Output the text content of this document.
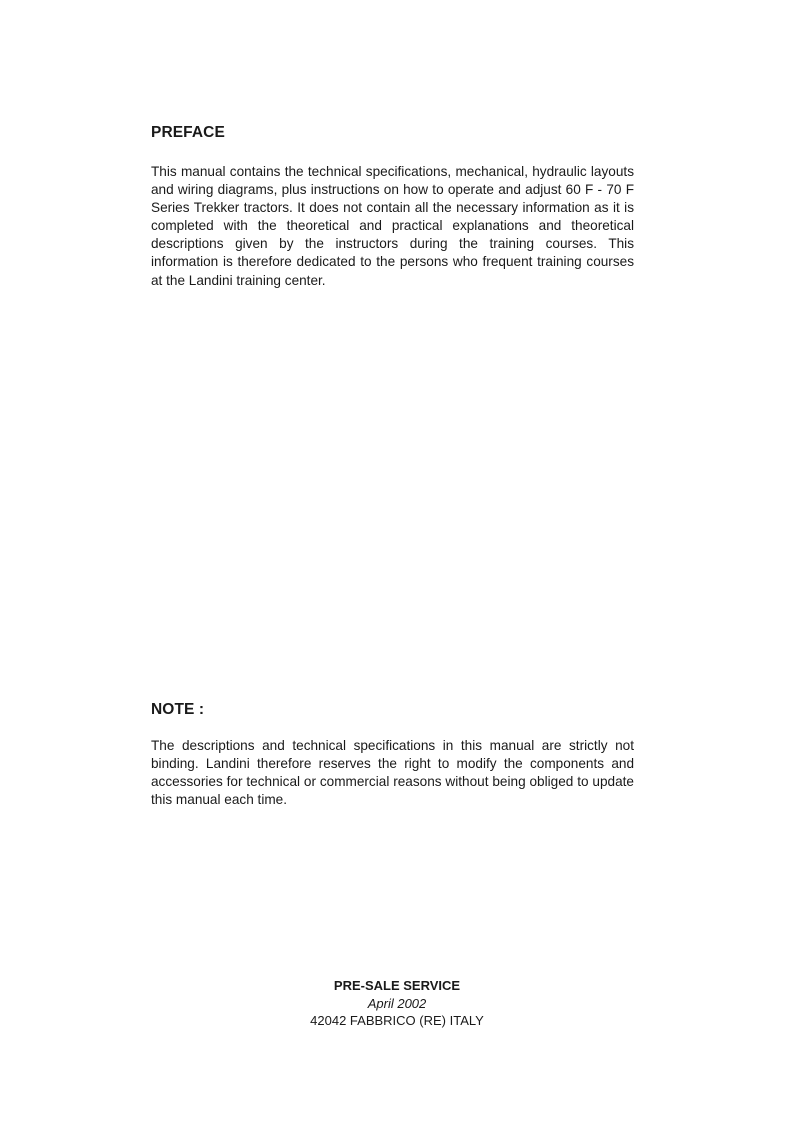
PREFACE

This manual contains the technical specifications, mechanical, hydraulic layouts and wiring diagrams, plus instructions on how to operate and adjust 60 F - 70 F Series Trekker tractors. It does not contain all the necessary information as it is completed with the theoretical and practical explanations and theoretical descriptions given by the instructors during the training courses. This information is therefore dedicated to the persons who frequent training courses at the Landini training center.

NOTE :

The descriptions and technical specifications in this manual are strictly not binding. Landini therefore reserves the right to modify the components and accessories for technical or commercial reasons without being obliged to update this manual each time.

PRE-SALE SERVICE
April 2002
42042 FABBRICO (RE) ITALY
